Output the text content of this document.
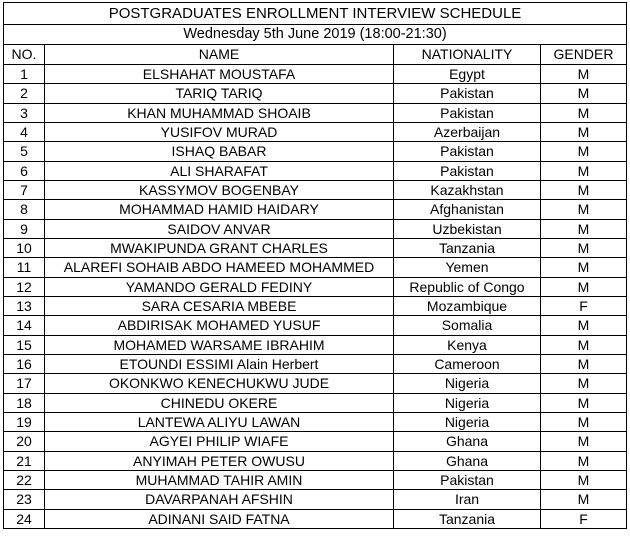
POSTGRADUATES ENROLLMENT INTERVIEW SCHEDULE			
Wednesday 5th June 2019 (18:00-21:30)			
NO.	NAME	NATIONALITY	GENDER
1	ELSHAHAT MOUSTAFA	Egypt	M
2	TARIQ TARIQ	Pakistan	M
3	KHAN MUHAMMAD SHOAIB	Pakistan	M
4	YUSIFOV MURAD	Azerbaijan	M
5	ISHAQ BABAR	Pakistan	M
6	ALI SHARAFAT	Pakistan	M
7	KASSYMOV BOGENBAY	Kazakhstan	M
8	MOHAMMAD HAMID HAIDARY	Afghanistan	M
9	SAIDOV ANVAR	Uzbekistan	M
10	MWAKIPUNDA GRANT CHARLES	Tanzania	M
11	ALAREFI SOHAIB ABDO HAMEED MOHAMMED	Yemen	M
12	YAMANDO GERALD FEDINY	Republic of Congo	M
13	SARA CESARIA MBEBE	Mozambique	F
14	ABDIRISAK MOHAMED YUSUF	Somalia	M
15	MOHAMED WARSAME IBRAHIM	Kenya	M
16	ETOUNDI ESSIMI Alain Herbert	Cameroon	M
17	OKONKWO KENECHUKWU JUDE	Nigeria	M
18	CHINEDU OKERE	Nigeria	M
19	LANTEWA ALIYU LAWAN	Nigeria	M
20	AGYEI PHILIP WIAFE	Ghana	M
21	ANYIMAH PETER OWUSU	Ghana	M
22	MUHAMMAD TAHIR AMIN	Pakistan	M
23	DAVARPANAH AFSHIN	Iran	M
24	ADINANI SAID FATNA	Tanzania	F
